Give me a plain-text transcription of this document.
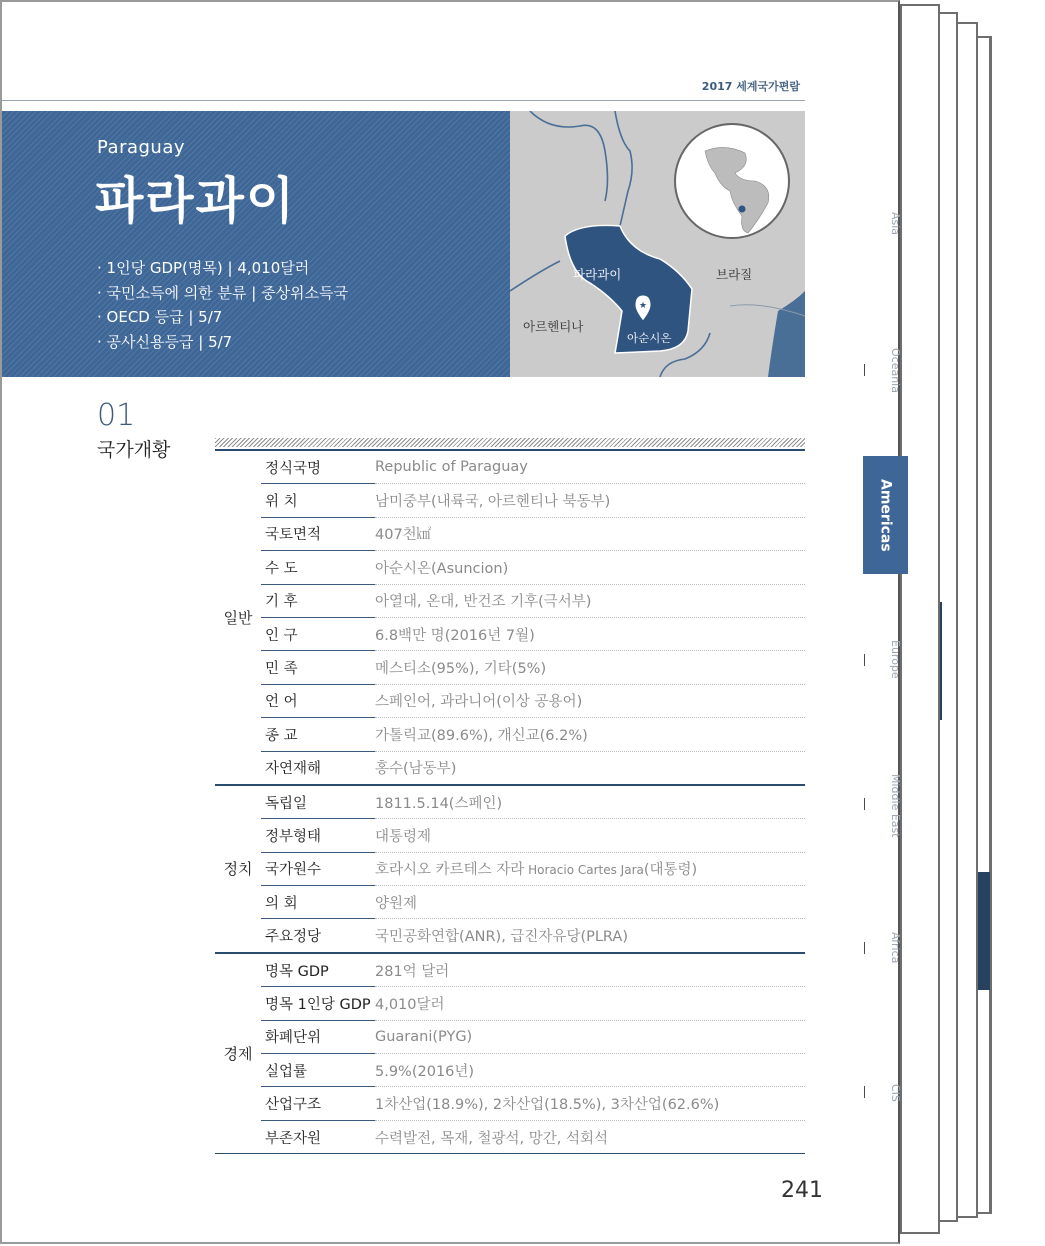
2017 세계국가편람
Paraguay
파라과이
· 1인당 GDP(명목) | 4,010달러
· 국민소득에 의한 분류 | 중상위소득국
· OECD 등급 | 5/7
· 공사신용등급 | 5/7
★
파라과이	브라질
아르헨티나
아순시온
01
국가개황
일반	정식국명	Republic of Paraguay
	위 치	남미중부(내륙국, 아르헨티나 북동부)
	국토면적	407천㎢
	수 도	아순시온(Asuncion)
	기 후	아열대, 온대, 반건조 기후(극서부)
	인 구	6.8백만 명(2016년 7월)
	민 족	메스티소(95%), 기타(5%)
	언 어	스페인어, 과라니어(이상 공용어)
	종 교	가톨릭교(89.6%), 개신교(6.2%)
	자연재해	홍수(남동부)
정치	독립일	1811.5.14(스페인)
	정부형태	대통령제
	국가원수	호라시오 카르테스 자라 Horacio Cartes Jara(대통령)
	의 회	양원제
	주요정당	국민공화연합(ANR), 급진자유당(PLRA)
경제	명목 GDP	281억 달러
	명목 1인당 GDP	4,010달러
	화폐단위	Guarani(PYG)
	실업률	5.9%(2016년)
	산업구조	1차산업(18.9%), 2차산업(18.5%), 3차산업(62.6%)
	부존자원	수력발전, 목재, 철광석, 망간, 석회석
241
Asia
Oceania
Americas
Europe
Middle East
Africa
CIS
